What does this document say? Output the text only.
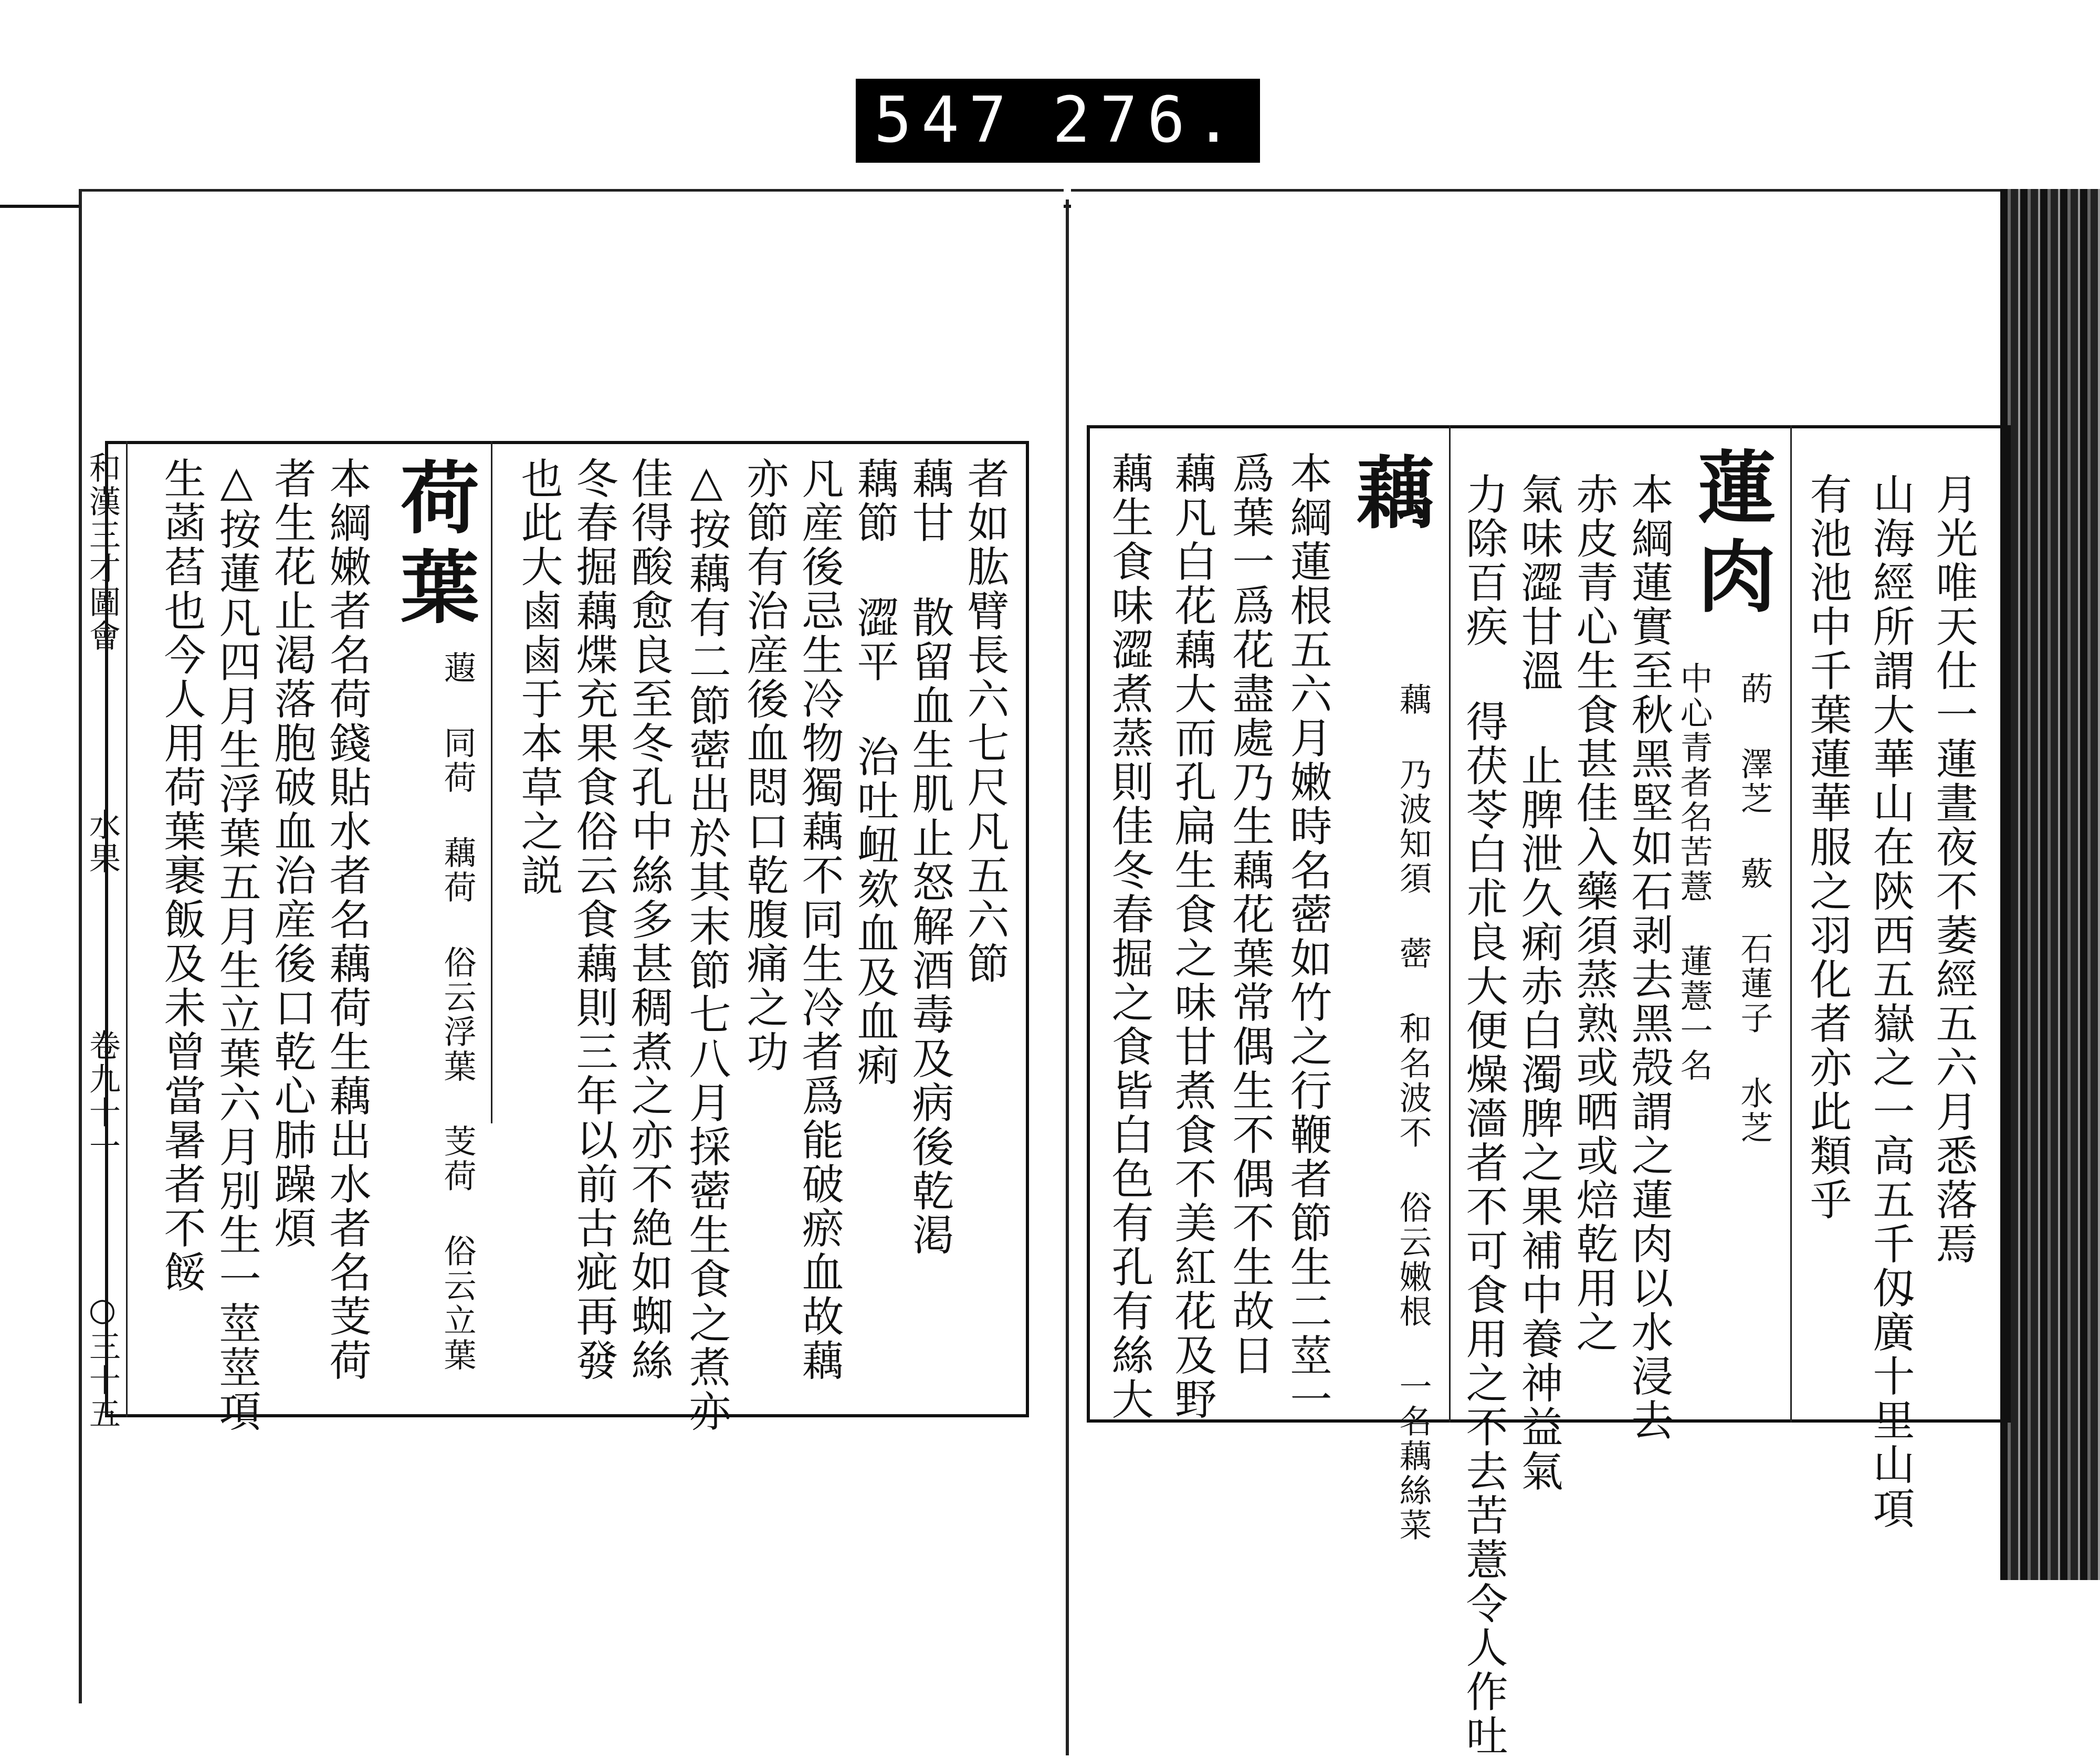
547 276.
和漢三才圖會
水果
卷九十一
○三十五
者如肱臂長六七尺凡五六節
藕甘 散留血生肌止怒解酒毒及病後乾渇
藕節 澀平 治吐衄欬血及血痢
凡産後忌生冷物獨藕不同生冷者爲能破瘀血故藕
亦節有治産後血悶口乾腹痛之功
△按藕有二節蔤出於其末節七八月採蔤生食之煮亦
佳得酸愈良至冬孔中絲多甚稠煮之亦不絶如蜘絲
冬春掘藕煠充果食俗云食藕則三年以前古疵再發
也此大鹵鹵于本草之説
荷葉
蕸 同荷 藕荷 俗云浮葉 芰荷 俗云立葉
本綱嫩者名荷錢貼水者名藕荷生藕出水者名芰荷
者生花止渇落胞破血治産後口乾心肺躁煩
△按蓮凡四月生浮葉五月生立葉六月別生一莖莖項
生菡萏也今人用荷葉裹飯及未曾當暑者不餒	月光唯天仕一蓮晝夜不萎經五六月悉落焉
山海經所謂大華山在陝西五嶽之一高五千仭廣十里山項
有池池中千葉蓮華服之羽化者亦此類乎
蓮肉
菂 澤芝 薂 石蓮子 水芝
本綱蓮實至秋黑堅如石剥去黑殻謂之蓮肉以水浸去 中心青者名苦薏 蓮薏一名
赤皮青心生食甚佳入藥須蒸熟或晒或焙乾用之
氣味澀甘溫 止脾泄久痢赤白濁脾之果補中養神益氣
力除百疾 得茯苓白朮良大便燥濇者不可食用之不去苦薏令人作吐
藕
藕 乃波知須 蔤 和名波不 俗云嫩根 一名藕絲菜
本綱蓮根五六月嫩時名蔤如竹之行鞭者節生二莖一
爲葉一爲花盡處乃生藕花葉常偶生不偶不生故日
藕凡白花藕大而孔扁生食之味甘煮食不美紅花及野
藕生食味澀煮蒸則佳冬春掘之食皆白色有孔有絲大
